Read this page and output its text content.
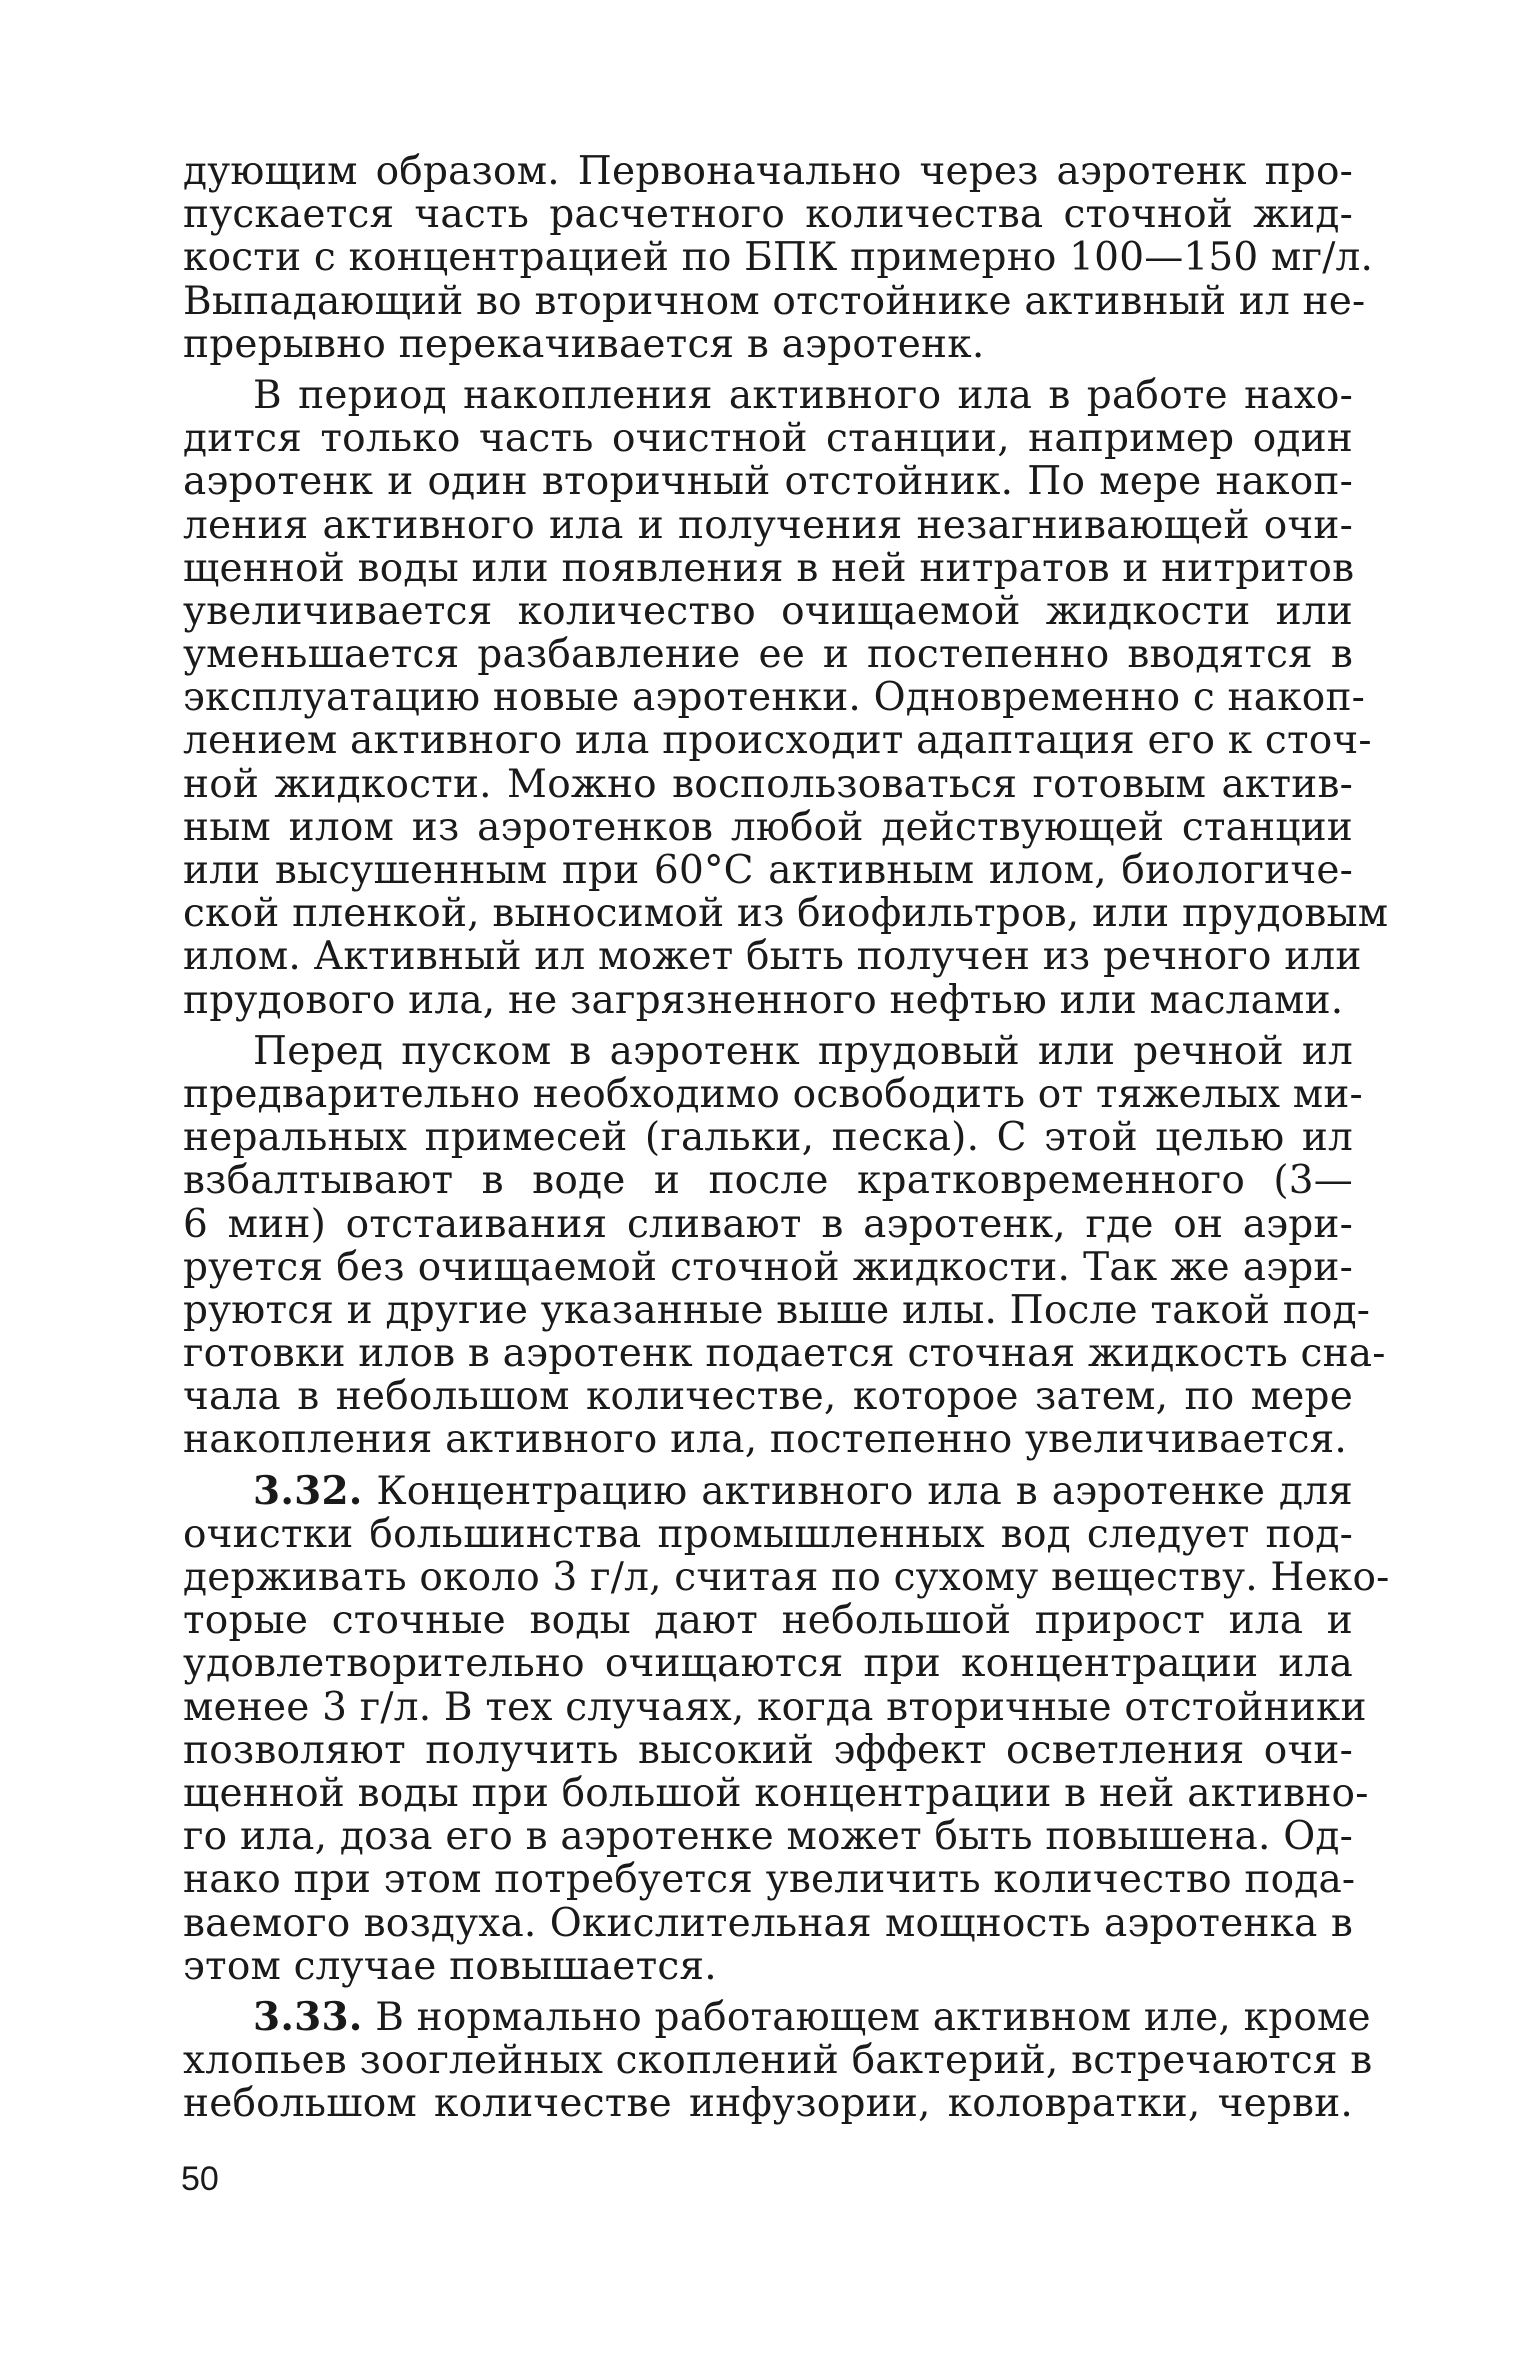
дующим образом. Первоначально через аэротенк про-
пускается часть расчетного количества сточной жид-
кости с концентрацией по БПК примерно 100—150 мг/л.
Выпадающий во вторичном отстойнике активный ил не-
прерывно перекачивается в аэротенк.
В период накопления активного ила в работе нахо-
дится только часть очистной станции, например один
аэротенк и один вторичный отстойник. По мере накоп-
ления активного ила и получения незагнивающей очи-
щенной воды или появления в ней нитратов и нитритов
увеличивается количество очищаемой жидкости или
уменьшается разбавление ее и постепенно вводятся в
эксплуатацию новые аэротенки. Одновременно с накоп-
лением активного ила происходит адаптация его к сточ-
ной жидкости. Можно воспользоваться готовым актив-
ным илом из аэротенков любой действующей станции
или высушенным при 60°С активным илом, биологиче-
ской пленкой, выносимой из биофильтров, или прудовым
илом. Активный ил может быть получен из речного или
прудового ила, не загрязненного нефтью или маслами.
Перед пуском в аэротенк прудовый или речной ил
предварительно необходимо освободить от тяжелых ми-
неральных примесей (гальки, песка). С этой целью ил
взбалтывают в воде и после кратковременного (3—
6 мин) отстаивания сливают в аэротенк, где он аэри-
руется без очищаемой сточной жидкости. Так же аэри-
руются и другие указанные выше илы. После такой под-
готовки илов в аэротенк подается сточная жидкость сна-
чала в небольшом количестве, которое затем, по мере
накопления активного ила, постепенно увеличивается.
3.32. Концентрацию активного ила в аэротенке для
очистки большинства промышленных вод следует под-
держивать около 3 г/л, считая по сухому веществу. Неко-
торые сточные воды дают небольшой прирост ила и
удовлетворительно очищаются при концентрации ила
менее 3 г/л. В тех случаях, когда вторичные отстойники
позволяют получить высокий эффект осветления очи-
щенной воды при большой концентрации в ней активно-
го ила, доза его в аэротенке может быть повышена. Од-
нако при этом потребуется увеличить количество пода-
ваемого воздуха. Окислительная мощность аэротенка в
этом случае повышается.
3.33. В нормально работающем активном иле, кроме
хлопьев зооглейных скоплений бактерий, встречаются в
небольшом количестве инфузории, коловратки, черви.
50
